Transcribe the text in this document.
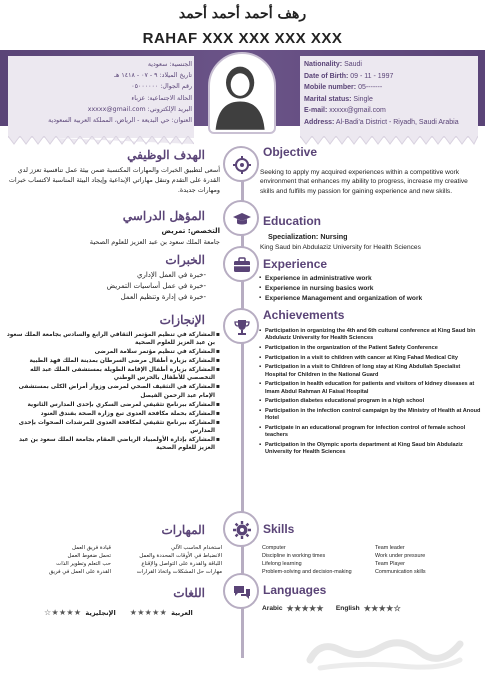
رهف أحمد أحمد أحمد
RAHAF XXX XXX XXX XXX
الجنسية: سعودية
تاريخ الميلاد: ٩ - ٠٧ - ١٤١٨ هـ
رقم الجوال: ٠٥٠٠٠٠٠٠
الحالة الاجتماعية: عزباء
البريد الإلكتروني: xxxxx@gmail.com
العنوان: حي البديعة - الرياض، المملكة العربية السعودية
Nationality: Saudi
Date of Birth: 09 - 11 - 1997
Mobile number: 05-------
Marital status: Single
E-mail: xxxxx@gmail.com
Address: Al-Badi'a District - Riyadh, Saudi Arabia
الهدف الوظيفي
أسعى لتطبيق الخبرات والمهارات المكتسبة ضمن بيئة عمل تنافسية تعزز لدي القدرة على التقدم وتنقل مهاراتي الإبداعية وإيجاد البيئة المناسبة لاكتساب خبرات ومهارات جديدة.
Objective
Seeking to apply my acquired experiences within a competitive work environment that enhances my ability to progress, increase my creative skills and fulfills my passion for gaining experience and new skills.
المؤهل الدراسي
التخصص: تمريض
جامعة الملك سعود بن عبد العزيز للعلوم الصحية
Education
Specialization: Nursing
King Saud bin Abdulaziz University for Health Sciences
الخبرات
-خبرة في العمل الإداري
-خبرة في عمل أساسيات التمريض
-خبرة في إدارة وتنظيم العمل
Experience
▪ Experience in administrative work
▪ Experience in nursing basics work
▪ Experience Management and organization of work
الإنجازات
▪ المشاركة في تنظيم المؤتمر الثقافي الرابع والسادس بجامعة الملك سعود بن عبد العزيز للعلوم الصحية
▪ المشاركة في تنظيم مؤتمر سلامة المرضى
▪ المشاركة بزيارة أطفال مرضى السرطان بمدينة الملك فهد الطبية
▪ المشاركة بزيارة أطفال الإقامة الطويلة بمستشفى الملك عبد الله التخصصي للأطفال بالحرس الوطني
▪ المشاركة في التثقيف الصحي لمرضى وزوار أمراض الكلى بمستشفى الإمام عبد الرحمن الفيصل
▪ المشاركة ببرنامج تثقيفي لمرضى السكري بإحدى المدارس الثانوية
▪ المشاركة بحملة مكافحة العدوى تبع وزارة الصحة بفندق العنود
▪ المشاركة ببرنامج تثقيفي لمكافحة العدوى للمرشدات الصحوات بإحدى المدارس
▪ المشاركة بإدارة الأولمبياد الرياضي المقام بجامعة الملك سعود بن عبد العزيز للعلوم الصحية
Achievements
▪ Participation in organizing the 4th and 6th cultural conference at King Saud bin Abdulaziz University for Health Sciences
▪ Participation in the organization of the Patient Safety Conference
▪ Participation in a visit to children with cancer at King Fahad Medical City
▪ Participation in a visit to Children of long stay at King Abdullah Specialist Hospital for Children in the National Guard
▪ Participation in health education for patients and visitors of kidney diseases at Imam Abdul Rahman Al Faisal Hospital
▪ Participation diabetes educational program in a high school
▪ Participation in the infection control campaign by the Ministry of Health at Anoud Hotel
▪ Participate in an educational program for infection control of female school teachers
▪ Participation in the Olympic sports department at King Saud bin Abdulaziz University for Health Sciences
المهارات
استخدام الحاسب الآلي
قيادة فريق العمل
الانضباط في الأوقات المحددة والعمل
تحمل ضغوط العمل
اللباقة والقدرة على التواصل والإقناع
حب التعلم وتطوير الذات
مهارات حل المشكلات واتخاذ القرارات
القدرة على العمل في فريق
Skills
Computer	Team leader
Discipline in working times	Work under pressure
Lifelong learning	Team Player
Problem-solving and decision-making	Communication skills
اللغات
العربية
★★★★★
الإنجليزية
★★★★☆
Languages
Arabic ★★★★★ English ★★★★☆
